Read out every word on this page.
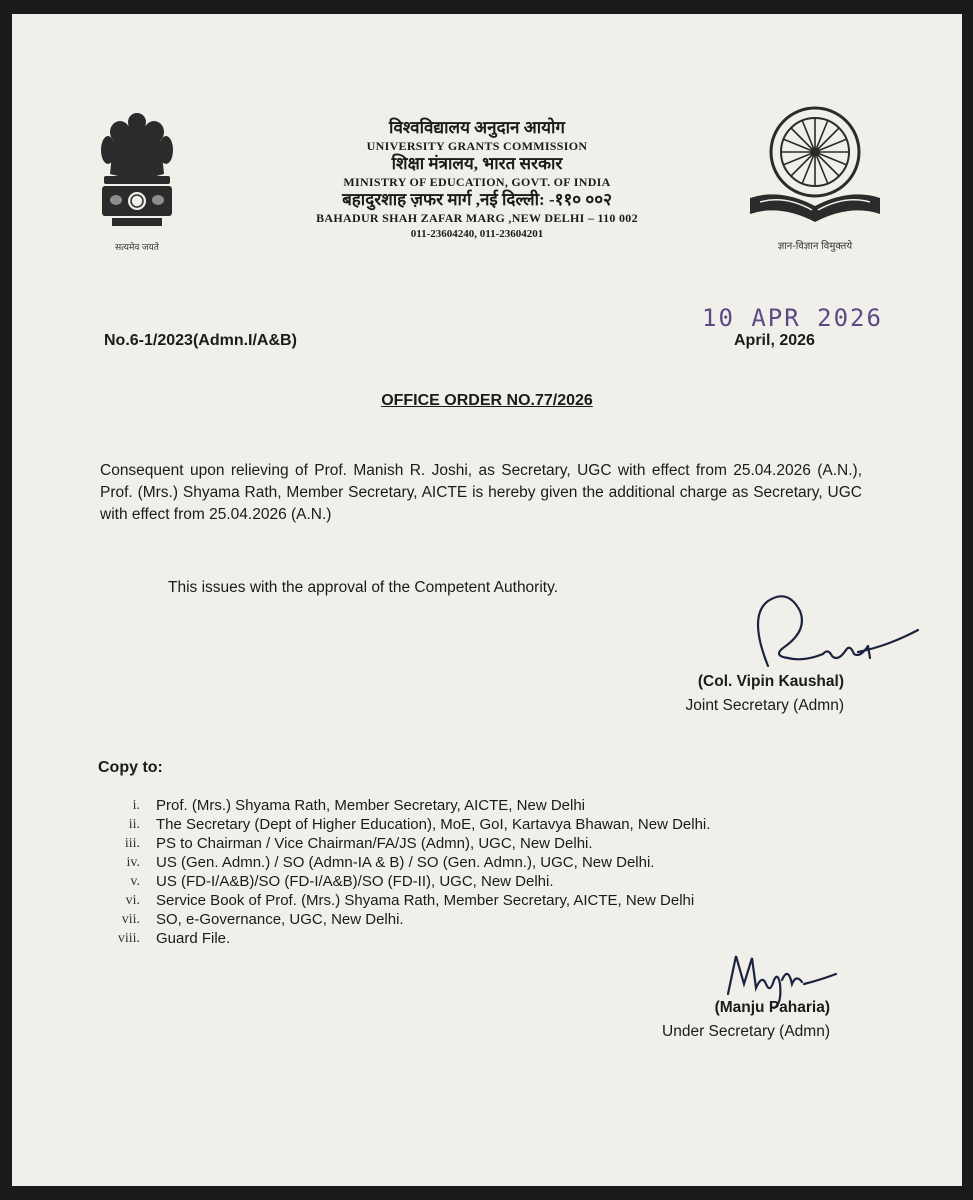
सत्यमेव जयते
विश्वविद्यालय अनुदान आयोग
UNIVERSITY GRANTS COMMISSION
शिक्षा मंत्रालय, भारत सरकार
MINISTRY OF EDUCATION, GOVT. OF INDIA
बहादुरशाह ज़फर मार्ग ,नई दिल्ली: -११० ००२
BAHADUR SHAH ZAFAR MARG ,NEW DELHI – 110 002
011-23604240, 011-23604201
ज्ञान-विज्ञान विमुक्तये
10 APR 2026
No.6-1/2023(Admn.I/A&B)	April, 2026
OFFICE ORDER NO.77/2026
Consequent upon relieving of Prof. Manish R. Joshi, as Secretary, UGC with effect from 25.04.2026 (A.N.), Prof. (Mrs.) Shyama Rath, Member Secretary, AICTE is hereby given the additional charge as Secretary, UGC with effect from 25.04.2026 (A.N.)
This issues with the approval of the Competent Authority.
(Col. Vipin Kaushal)
Joint Secretary (Admn)
Copy to:
i. Prof. (Mrs.) Shyama Rath, Member Secretary, AICTE, New Delhi
ii. The Secretary (Dept of Higher Education), MoE, GoI, Kartavya Bhawan, New Delhi.
iii. PS to Chairman / Vice Chairman/FA/JS (Admn), UGC, New Delhi.
iv. US (Gen. Admn.) / SO (Admn-IA & B) / SO (Gen. Admn.), UGC, New Delhi.
v. US (FD-I/A&B)/SO (FD-I/A&B)/SO (FD-II), UGC, New Delhi.
vi. Service Book of Prof. (Mrs.) Shyama Rath, Member Secretary, AICTE, New Delhi
vii. SO, e-Governance, UGC, New Delhi.
viii. Guard File.
(Manju Paharia)
Under Secretary (Admn)
